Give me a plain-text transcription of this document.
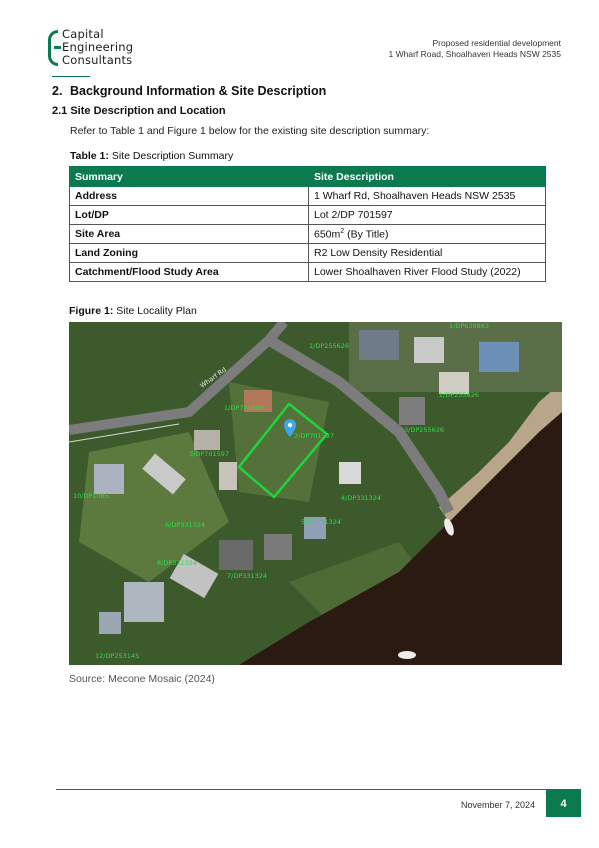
Capital
Engineering
Consultants
Proposed residential development
1 Wharf Road, Shoalhaven Heads NSW 2535
2. Background Information & Site Description
2.1 Site Description and Location
Refer to Table 1 and Figure 1 below for the existing site description summary:
Table 1: Site Description Summary
Summary	Site Description
Address	1 Wharf Rd, Shoalhaven Heads NSW 2535
Lot/DP	Lot 2/DP 701597
Site Area	$650m^2$ (By Title)
Land Zoning	R2 Low Density Residential
Catchment/Flood Study Area	Lower Shoalhaven River Flood Study (2022)
Figure 1: Site Locality Plan
1/DP701597
2/DP701597
3/DP701597
4/DP331324
5/DP331324
6/DP331324
7/DP331324
8/DP331324
1/DP255626
2/DP255626
3/DP255626
10/DP1085
12/DP253145
1/DP630883
Wharf Rd
Source: Mecone Mosaic (2024)
November 7, 2024	4
